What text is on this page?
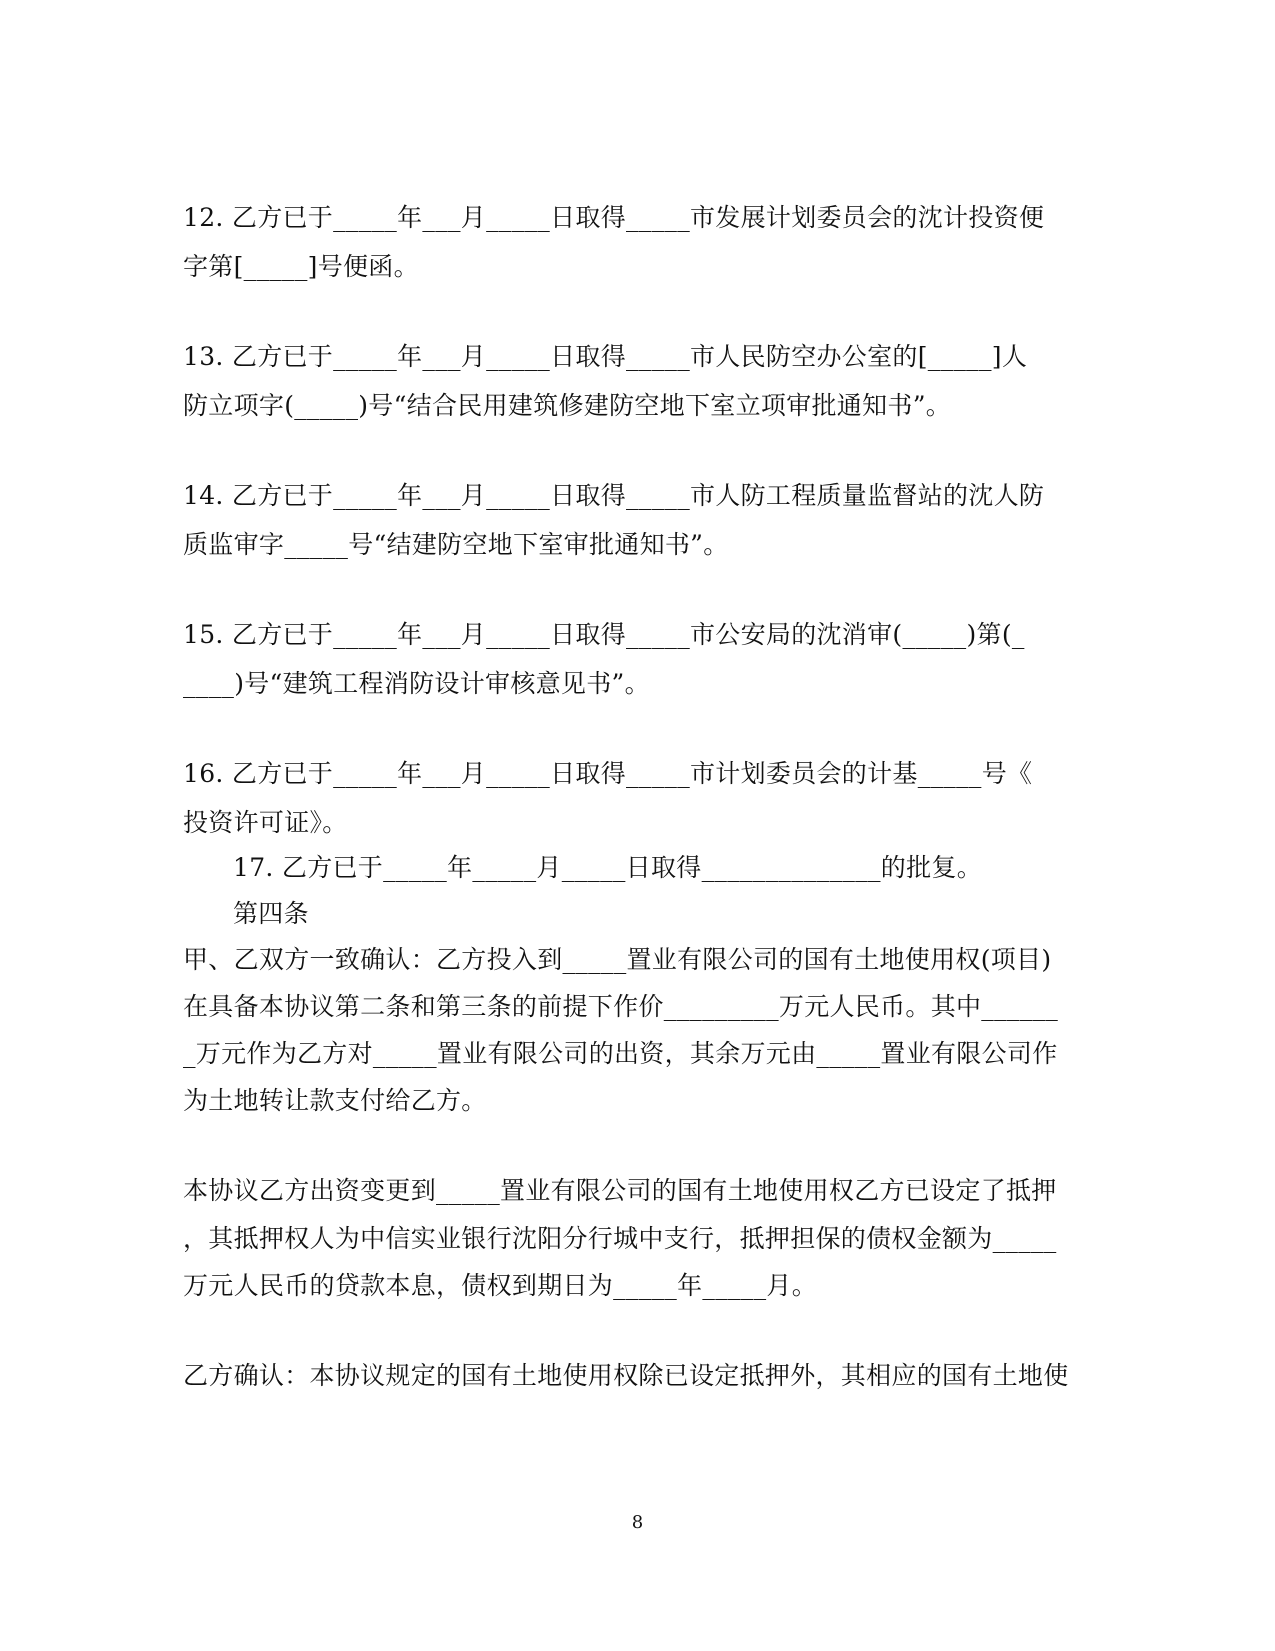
12. 乙方已于_____年___月_____日取得_____市发展计划委员会的沈计投资便

字第[_____]号便函。

13. 乙方已于_____年___月_____日取得_____市人民防空办公室的[_____]人

防立项字(_____)号“结合民用建筑修建防空地下室立项审批通知书”。

14. 乙方已于_____年___月_____日取得_____市人防工程质量监督站的沈人防

质监审字_____号“结建防空地下室审批通知书”。

15. 乙方已于_____年___月_____日取得_____市公安局的沈消审(_____)第(_

____)号“建筑工程消防设计审核意见书”。

16. 乙方已于_____年___月_____日取得_____市计划委员会的计基_____号《

投资许可证》。

17. 乙方已于_____年_____月_____日取得______________的批复。

第四条

甲、乙双方一致确认：乙方投入到_____置业有限公司的国有土地使用权(项目)

在具备本协议第二条和第三条的前提下作价_________万元人民币。其中______

_万元作为乙方对_____置业有限公司的出资，其余万元由_____置业有限公司作

为土地转让款支付给乙方。

本协议乙方出资变更到_____置业有限公司的国有土地使用权乙方已设定了抵押

，其抵押权人为中信实业银行沈阳分行城中支行，抵押担保的债权金额为_____

万元人民币的贷款本息，债权到期日为_____年_____月。

乙方确认：本协议规定的国有土地使用权除已设定抵押外，其相应的国有土地使

8
